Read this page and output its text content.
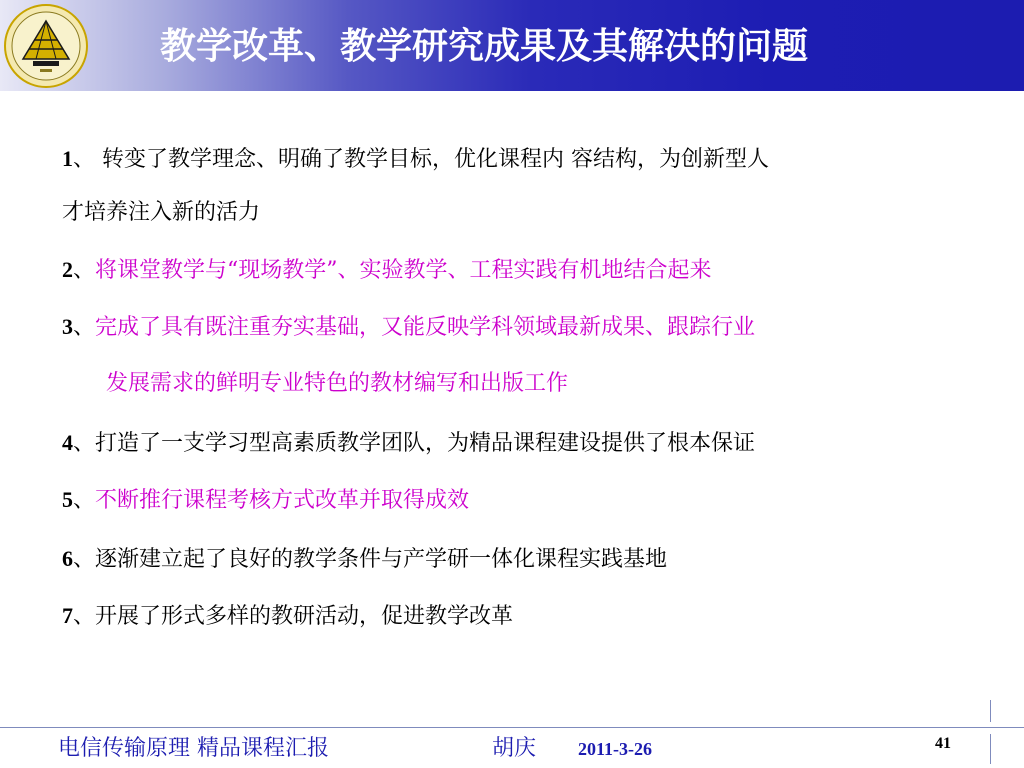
教学改革、教学研究成果及其解决的问题
1、 转变了教学理念、明确了教学目标，优化课程内 容结构，为创新型人
才培养注入新的活力
2、将课堂教学与“现场教学”、实验教学、工程实践有机地结合起来
3、完成了具有既注重夯实基础，又能反映学科领域最新成果、跟踪行业
发展需求的鲜明专业特色的教材编写和出版工作
4、打造了一支学习型高素质教学团队，为精品课程建设提供了根本保证
5、不断推行课程考核方式改革并取得成效
6、逐渐建立起了良好的教学条件与产学研一体化课程实践基地
7、开展了形式多样的教研活动，促进教学改革
电信传输原理 精品课程汇报	胡庆 2011-3-26	41
